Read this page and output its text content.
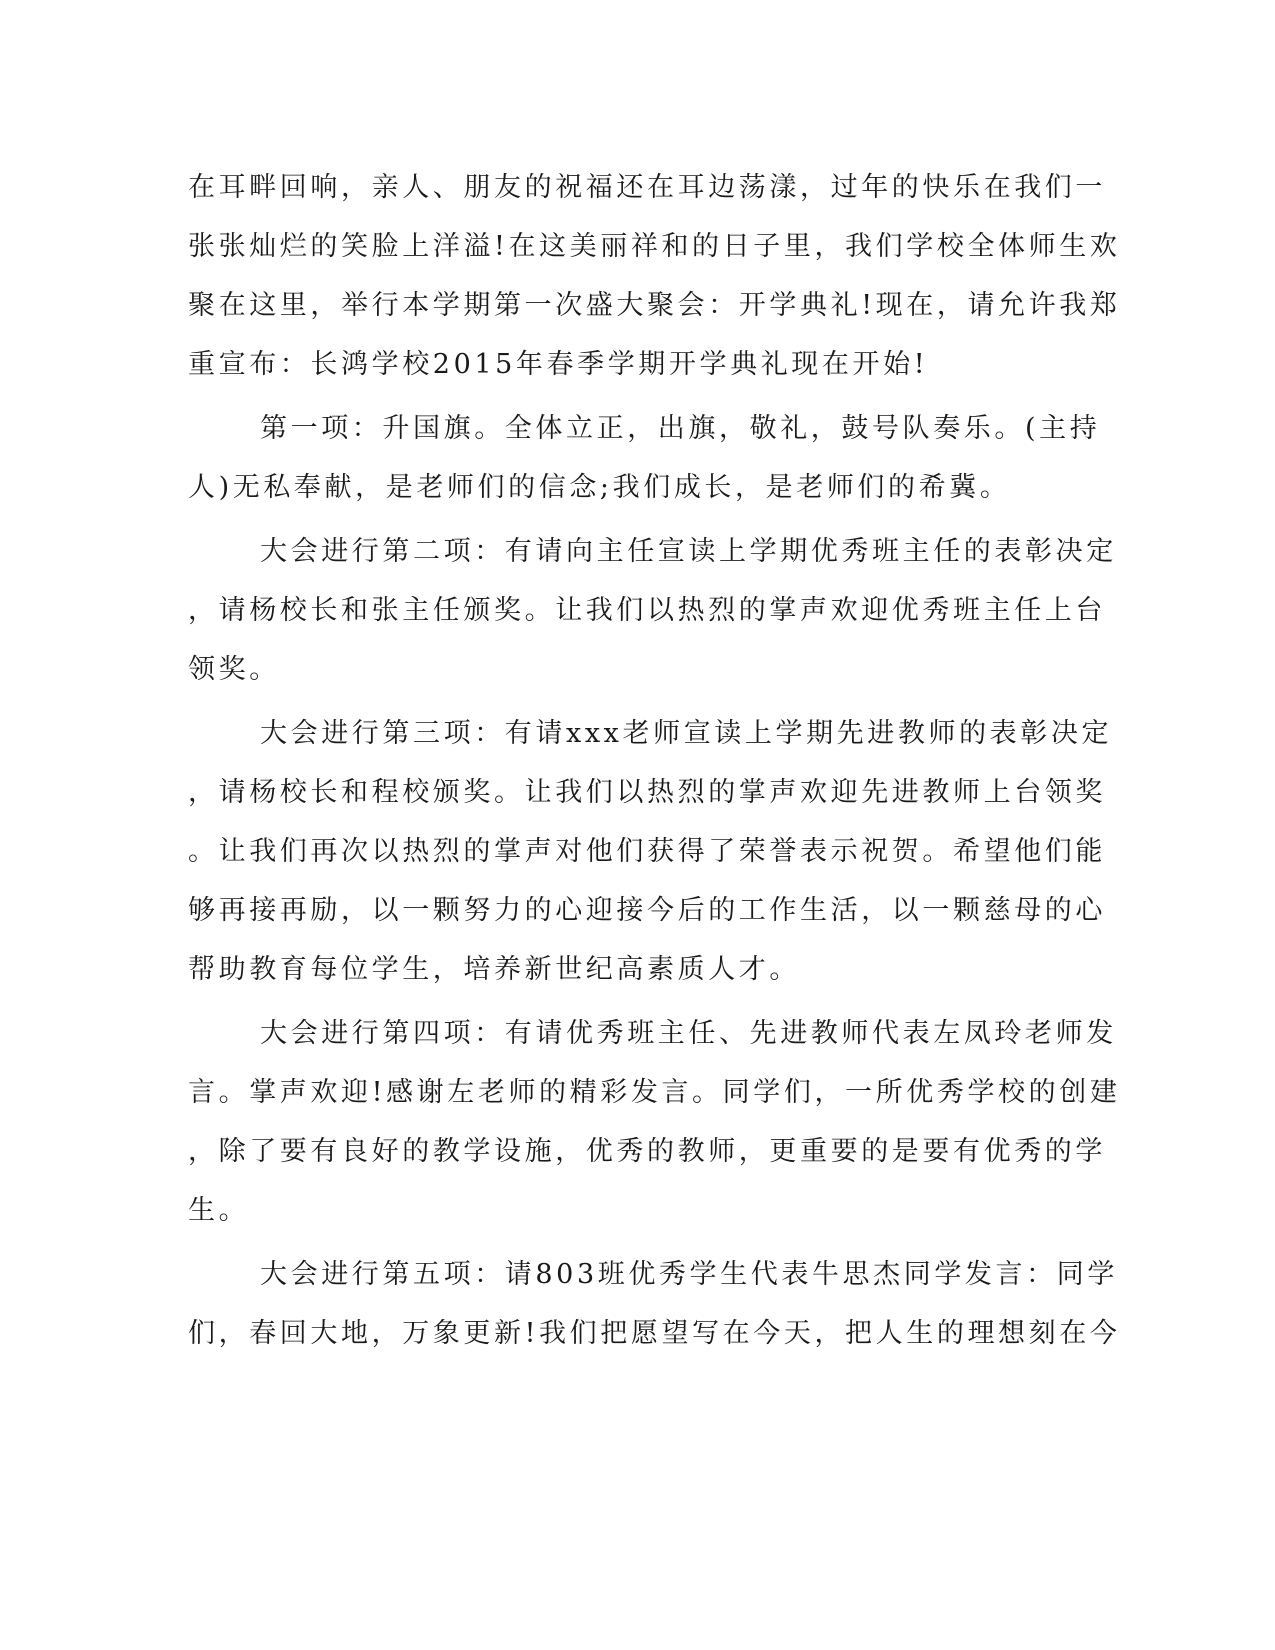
在耳畔回响，亲人、朋友的祝福还在耳边荡漾，过年的快乐在我们一
张张灿烂的笑脸上洋溢!在这美丽祥和的日子里，我们学校全体师生欢
聚在这里，举行本学期第一次盛大聚会：开学典礼!现在，请允许我郑
重宣布：长鸿学校2015年春季学期开学典礼现在开始!
第一项：升国旗。全体立正，出旗，敬礼，鼓号队奏乐。(主持
人)无私奉献，是老师们的信念;我们成长，是老师们的希冀。
大会进行第二项：有请向主任宣读上学期优秀班主任的表彰决定
，请杨校长和张主任颁奖。让我们以热烈的掌声欢迎优秀班主任上台
领奖。
大会进行第三项：有请xxx老师宣读上学期先进教师的表彰决定
，请杨校长和程校颁奖。让我们以热烈的掌声欢迎先进教师上台领奖
。让我们再次以热烈的掌声对他们获得了荣誉表示祝贺。希望他们能
够再接再励，以一颗努力的心迎接今后的工作生活，以一颗慈母的心
帮助教育每位学生，培养新世纪高素质人才。
大会进行第四项：有请优秀班主任、先进教师代表左凤玲老师发
言。掌声欢迎!感谢左老师的精彩发言。同学们，一所优秀学校的创建
，除了要有良好的教学设施，优秀的教师，更重要的是要有优秀的学
生。
大会进行第五项：请803班优秀学生代表牛思杰同学发言：同学
们，春回大地，万象更新!我们把愿望写在今天，把人生的理想刻在今
